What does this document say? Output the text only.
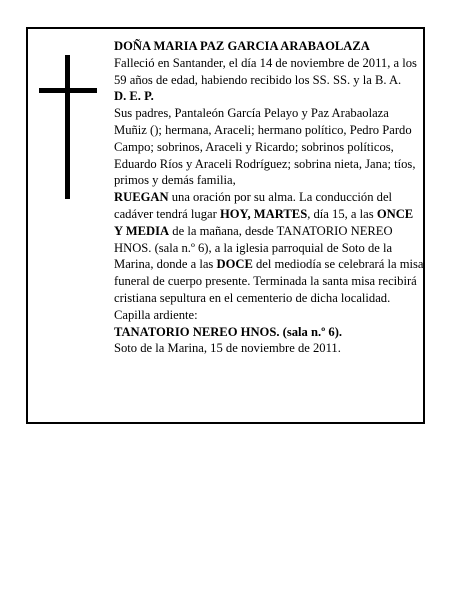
DOÑA MARIA PAZ GARCIA ARABAOLAZA

Falleció en Santander, el día 14 de noviembre de 2011, a los 59 años de edad, habiendo recibido los SS. SS. y la B. A.

D. E. P.

Sus padres, Pantaleón García Pelayo y Paz Arabaolaza Muñiz (); hermana, Araceli; hermano político, Pedro Pardo Campo; sobrinos, Araceli y Ricardo; sobrinos políticos, Eduardo Ríos y Araceli Rodríguez; sobrina nieta, Jana; tíos, primos y demás familia,

RUEGAN una oración por su alma. La conducción del cadáver tendrá lugar HOY, MARTES, día 15, a las ONCE Y MEDIA de la mañana, desde TANATORIO NEREO HNOS. (sala n.º 6), a la iglesia parroquial de Soto de la Marina, donde a las DOCE del mediodía se celebrará la misa funeral de cuerpo presente. Terminada la santa misa recibirá cristiana sepultura en el cementerio de dicha localidad. Capilla ardiente:

TANATORIO NEREO HNOS. (sala n.º 6).

Soto de la Marina, 15 de noviembre de 2011.
